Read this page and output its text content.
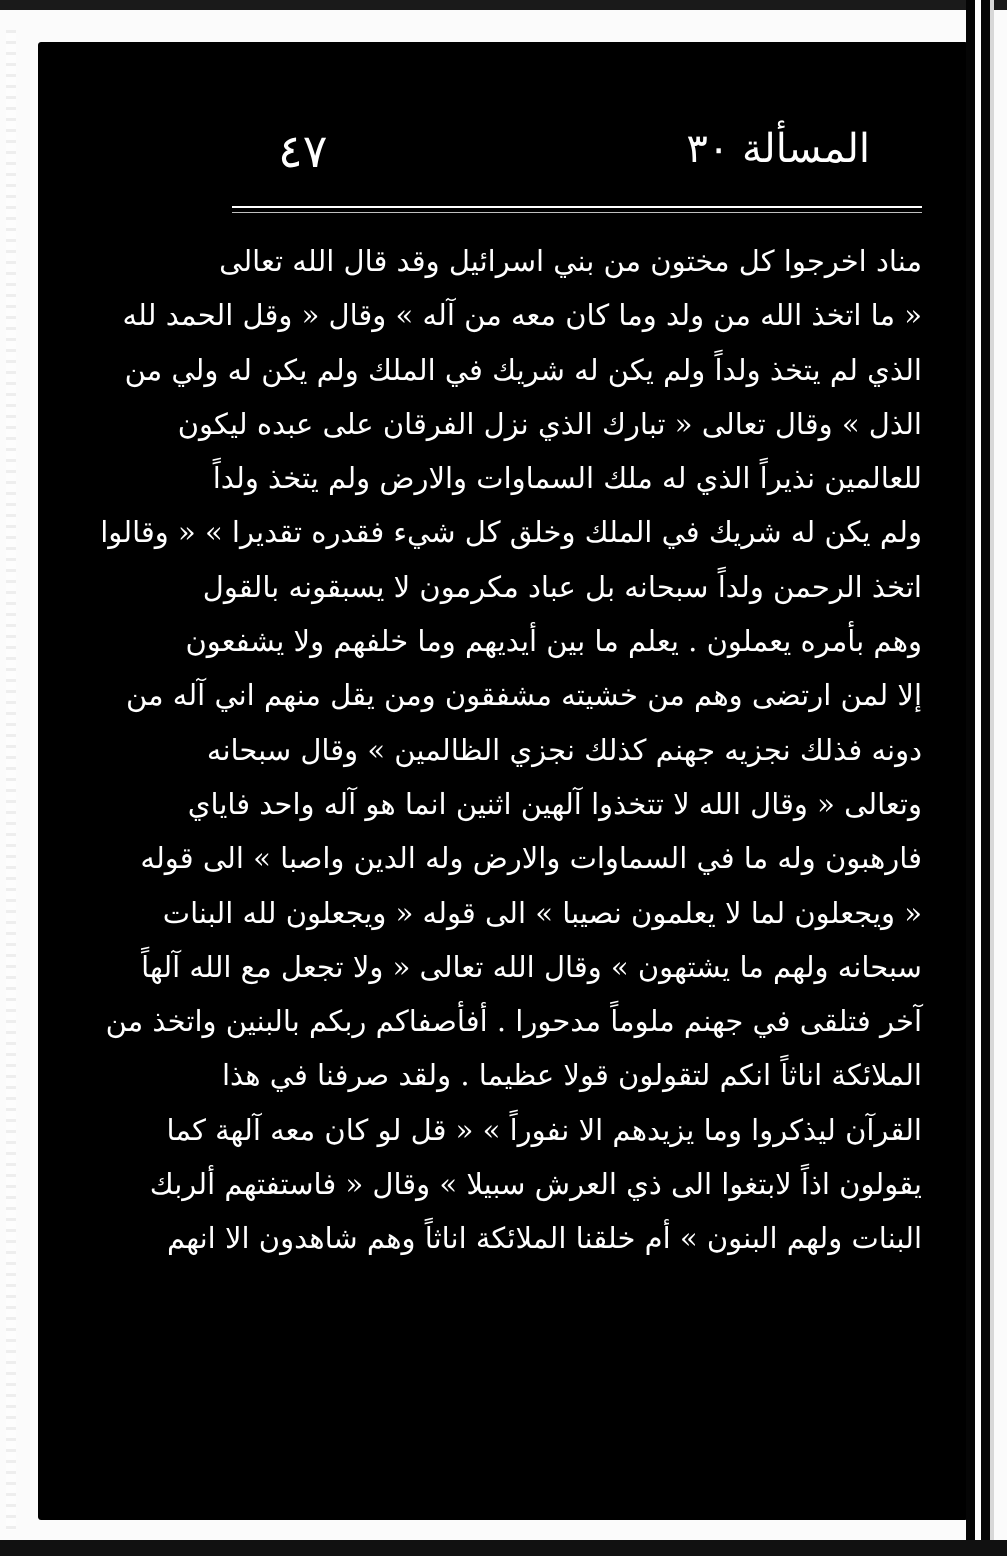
المسألة ٣٠
٤٧
مناد اخرجوا كل مختون من بني اسرائيل وقد قال الله تعالى
« ما اتخذ الله من ولد وما كان معه من آله » وقال « وقل الحمد لله
الذي لم يتخذ ولداً ولم يكن له شريك في الملك ولم يكن له ولي من
الذل » وقال تعالى « تبارك الذي نزل الفرقان على عبده ليكون
للعالمين نذيراً الذي له ملك السماوات والارض ولم يتخذ ولداً
ولم يكن له شريك في الملك وخلق كل شيء فقدره تقديرا » « وقالوا
اتخذ الرحمن ولداً سبحانه بل عباد مكرمون لا يسبقونه بالقول
وهم بأمره يعملون . يعلم ما بين أيديهم وما خلفهم ولا يشفعون
إلا لمن ارتضى وهم من خشيته مشفقون ومن يقل منهم اني آله من
دونه فذلك نجزيه جهنم كذلك نجزي الظالمين » وقال سبحانه
وتعالى « وقال الله لا تتخذوا آلهين اثنين انما هو آله واحد فاياي
فارهبون وله ما في السماوات والارض وله الدين واصبا » الى قوله
« ويجعلون لما لا يعلمون نصيبا » الى قوله « ويجعلون لله البنات
سبحانه ولهم ما يشتهون » وقال الله تعالى « ولا تجعل مع الله آلهاً
آخر فتلقى في جهنم ملوماً مدحورا . أفأصفاكم ربكم بالبنين واتخذ من
الملائكة اناثاً انكم لتقولون قولا عظيما . ولقد صرفنا في هذا
القرآن ليذكروا وما يزيدهم الا نفوراً » « قل لو كان معه آلهة كما
يقولون اذاً لابتغوا الى ذي العرش سبيلا » وقال « فاستفتهم ألربك
البنات ولهم البنون » أم خلقنا الملائكة اناثاً وهم شاهدون الا انهم
